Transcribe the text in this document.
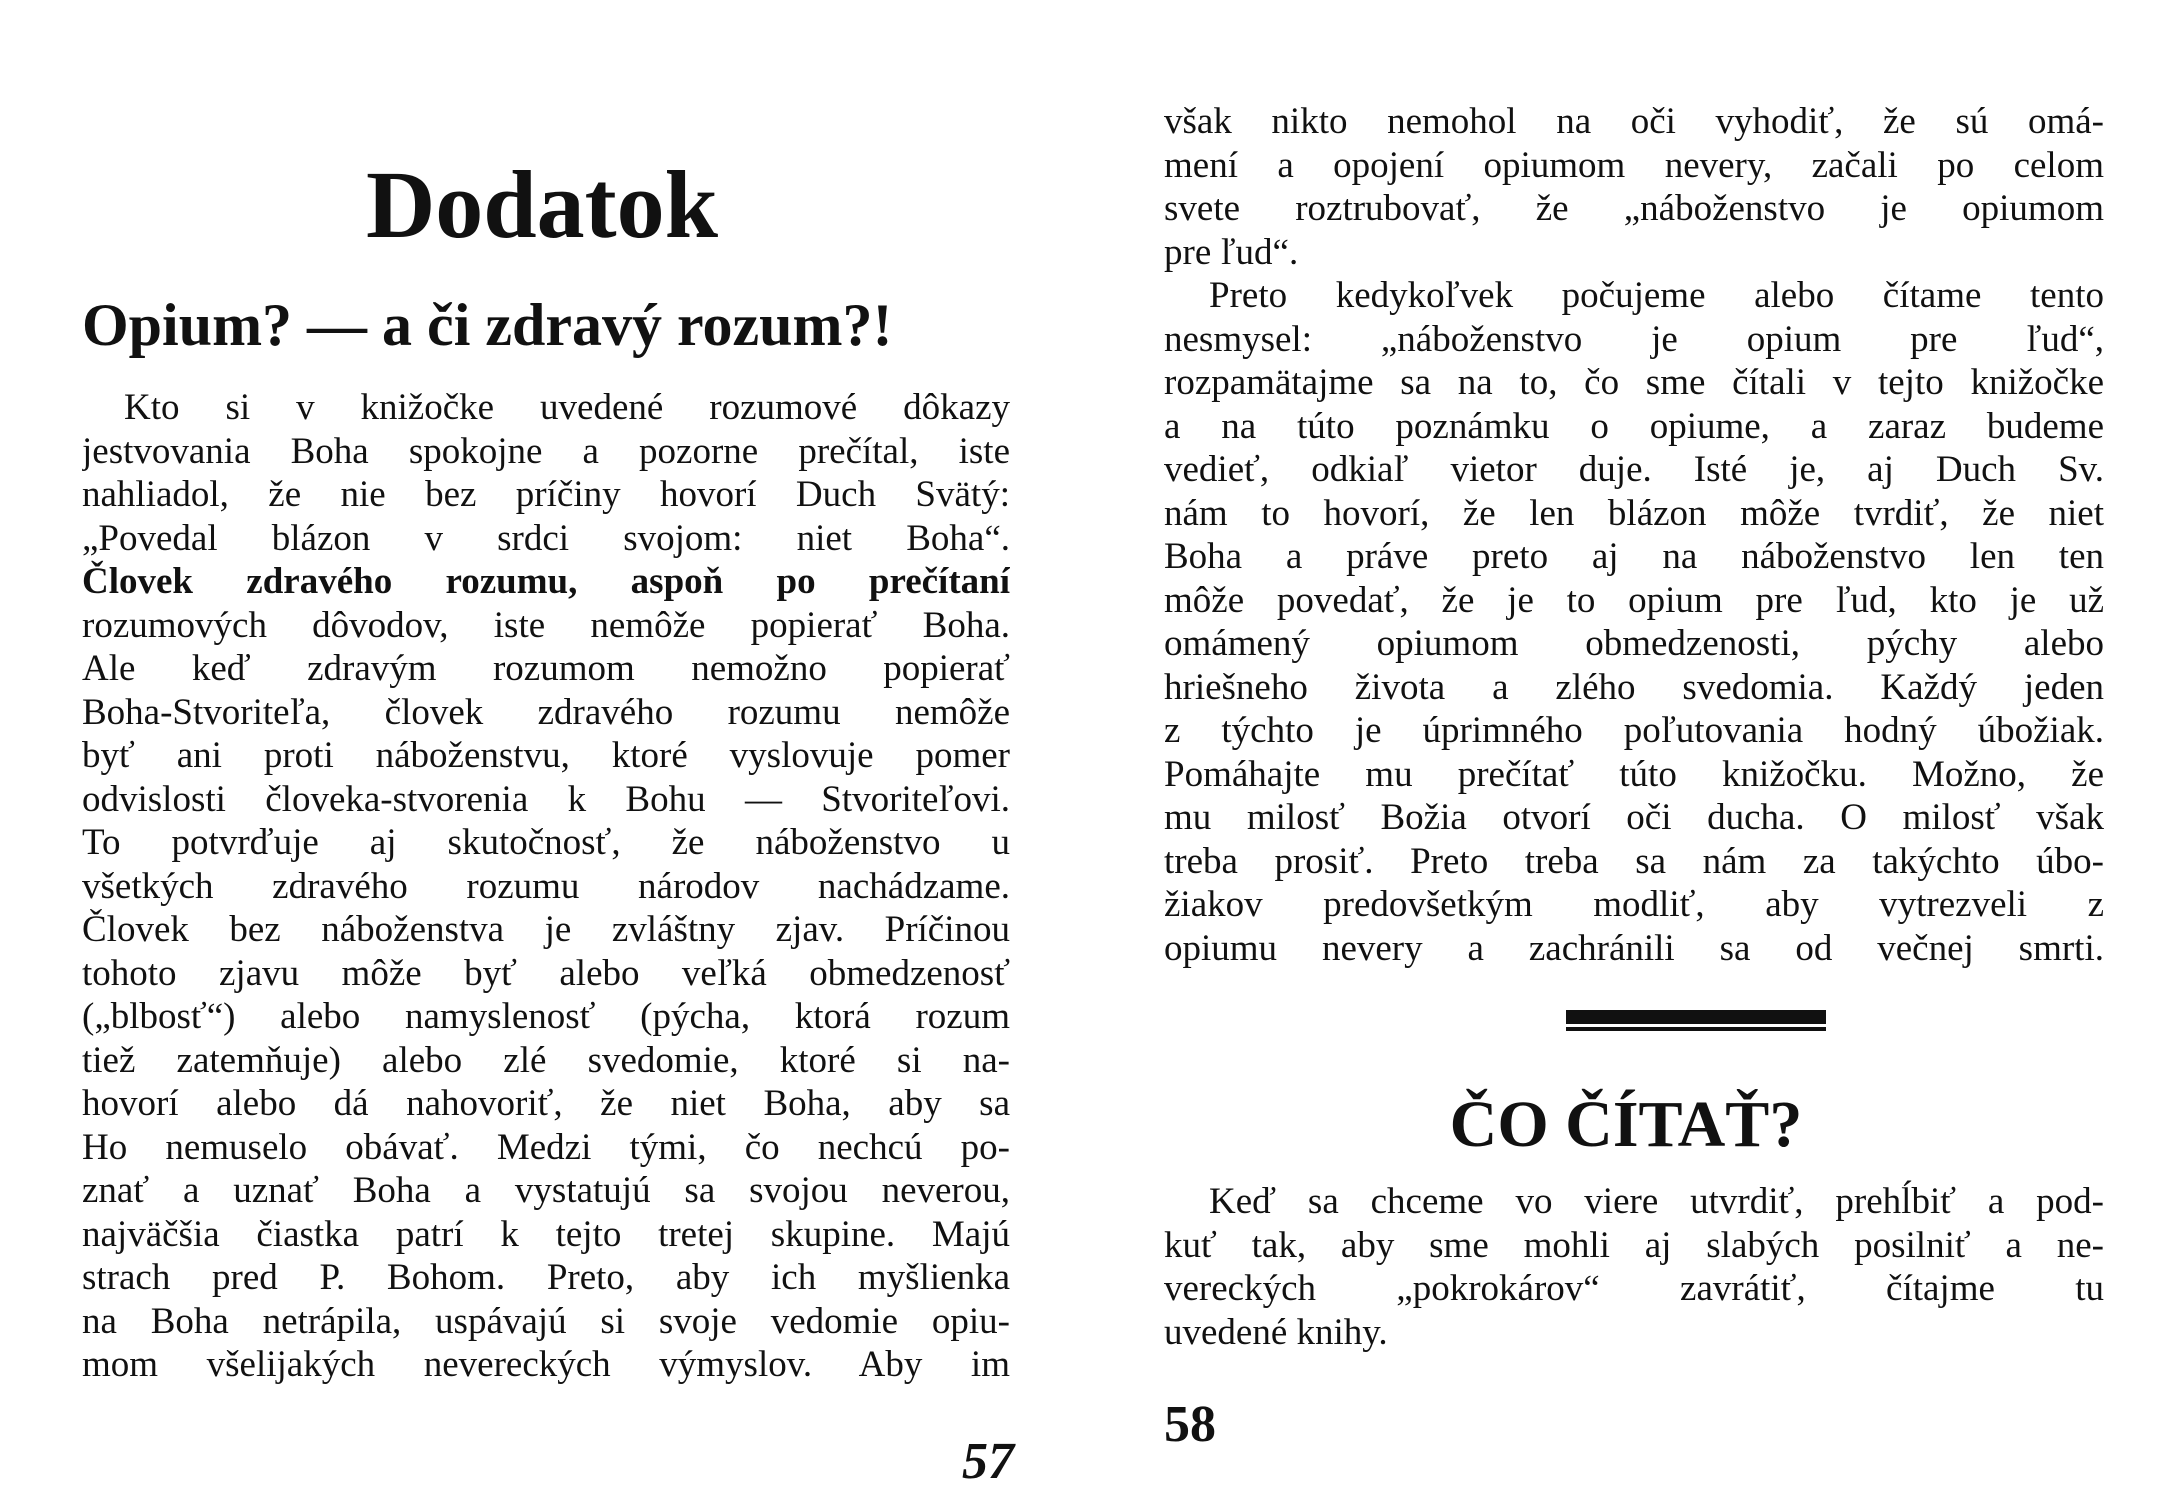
Dodatok
Opium? — a či zdravý rozum?!
Kto si v knižočke uvedené rozumové dôkazy
jestvovania Boha spokojne a pozorne prečítal, iste
nahliadol, že nie bez príčiny hovorí Duch Svätý:
„Povedal blázon v srdci svojom: niet Boha“.
Človek zdravého rozumu, aspoň po prečítaní
rozumových dôvodov, iste nemôže popierať Boha.
Ale keď zdravým rozumom nemožno popierať
Boha-Stvoriteľa, človek zdravého rozumu nemôže
byť ani proti náboženstvu, ktoré vyslovuje pomer
odvislosti človeka-stvorenia k Bohu — Stvoriteľovi.
To potvrďuje aj skutočnosť, že náboženstvo u
všetkých zdravého rozumu národov nachádzame.
Človek bez náboženstva je zvláštny zjav. Príčinou
tohoto zjavu môže byť alebo veľká obmedzenosť
(„blbosť“) alebo namyslenosť (pýcha, ktorá rozum
tiež zatemňuje) alebo zlé svedomie, ktoré si na-
hovorí alebo dá nahovoriť, že niet Boha, aby sa
Ho nemuselo obávať. Medzi tými, čo nechcú po-
znať a uznať Boha a vystatujú sa svojou neverou,
najväčšia čiastka patrí k tejto tretej skupine. Majú
strach pred P. Bohom. Preto, aby ich myšlienka
na Boha netrápila, uspávajú si svoje vedomie opiu-
mom všelijakých nevereckých výmyslov. Aby im
57
však nikto nemohol na oči vyhodiť, že sú omá-
mení a opojení opiumom nevery, začali po celom
svete roztrubovať, že „náboženstvo je opiumom
pre ľud“.
Preto kedykoľvek počujeme alebo čítame tento
nesmysel: „náboženstvo je opium pre ľud“,
rozpamätajme sa na to, čo sme čítali v tejto knižočke
a na túto poznámku o opiume, a zaraz budeme
vedieť, odkiaľ vietor duje. Isté je, aj Duch Sv.
nám to hovorí, že len blázon môže tvrdiť, že niet
Boha a práve preto aj na náboženstvo len ten
môže povedať, že je to opium pre ľud, kto je už
omámený opiumom obmedzenosti, pýchy alebo
hriešneho života a zlého svedomia. Každý jeden
z týchto je úprimného poľutovania hodný úbožiak.
Pomáhajte mu prečítať túto knižočku. Možno, že
mu milosť Božia otvorí oči ducha. O milosť však
treba prosiť. Preto treba sa nám za takýchto úbo-
žiakov predovšetkým modliť, aby vytrezveli z
opiumu nevery a zachránili sa od večnej smrti.
ČO ČÍTAŤ?
Keď sa chceme vo viere utvrdiť, prehĺbiť a pod-
kuť tak, aby sme mohli aj slabých posilniť a ne-
vereckých „pokrokárov“ zavrátiť, čítajme tu
uvedené knihy.
58
